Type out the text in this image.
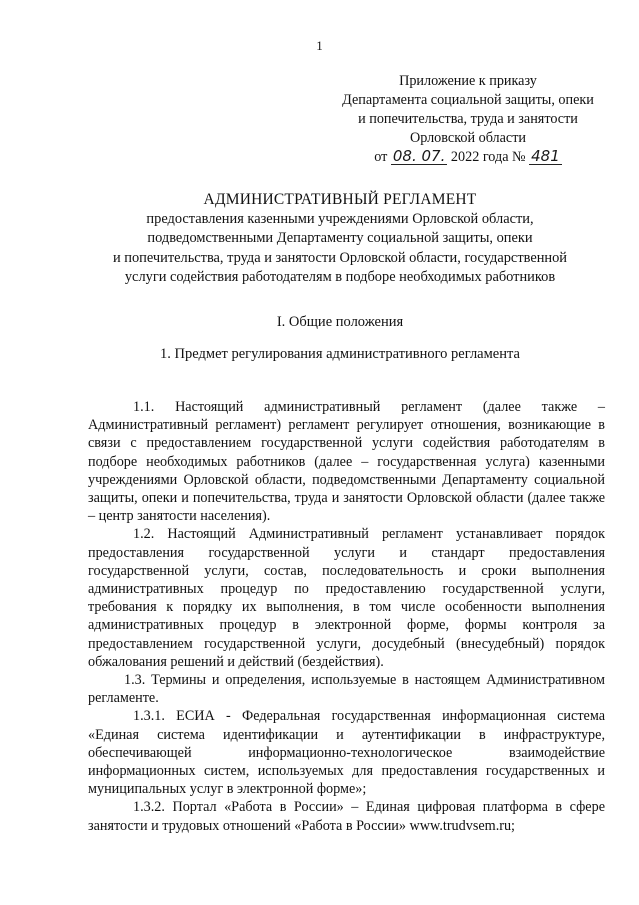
1
Приложение к приказу
Департамента социальной защиты, опеки
и попечительства, труда и занятости
Орловской области
от 08. 07. 2022 года № 481
АДМИНИСТРАТИВНЫЙ РЕГЛАМЕНТ
предоставления казенными учреждениями Орловской области,
подведомственными Департаменту социальной защиты, опеки
и попечительства, труда и занятости Орловской области, государственной
услуги содействия работодателям в подборе необходимых работников
I. Общие положения
1. Предмет регулирования административного регламента

1.1. Настоящий административный регламент (далее также – Административный регламент) регламент регулирует отношения, возникающие в связи с предоставлением государственной услуги содействия работодателям в подборе необходимых работников (далее – государственная услуга) казенными учреждениями Орловской области, подведомственными Департаменту социальной защиты, опеки и попечительства, труда и занятости Орловской области (далее также – центр занятости населения).

1.2. Настоящий Административный регламент устанавливает порядок предоставления государственной услуги и стандарт предоставления государственной услуги, состав, последовательность и сроки выполнения административных процедур по предоставлению государственной услуги, требования к порядку их выполнения, в том числе особенности выполнения административных процедур в электронной форме, формы контроля за предоставлением государственной услуги, досудебный (внесудебный) порядок обжалования решений и действий (бездействия).

1.3. Термины и определения, используемые в настоящем Административном регламенте.

1.3.1. ЕСИА - Федеральная государственная информационная система «Единая система идентификации и аутентификации в инфраструктуре, обеспечивающей информационно-технологическое взаимодействие информационных систем, используемых для предоставления государственных и муниципальных услуг в электронной форме»;

1.3.2. Портал «Работа в России» – Единая цифровая платформа в сфере занятости и трудовых отношений «Работа в России» www.trudvsem.ru;
